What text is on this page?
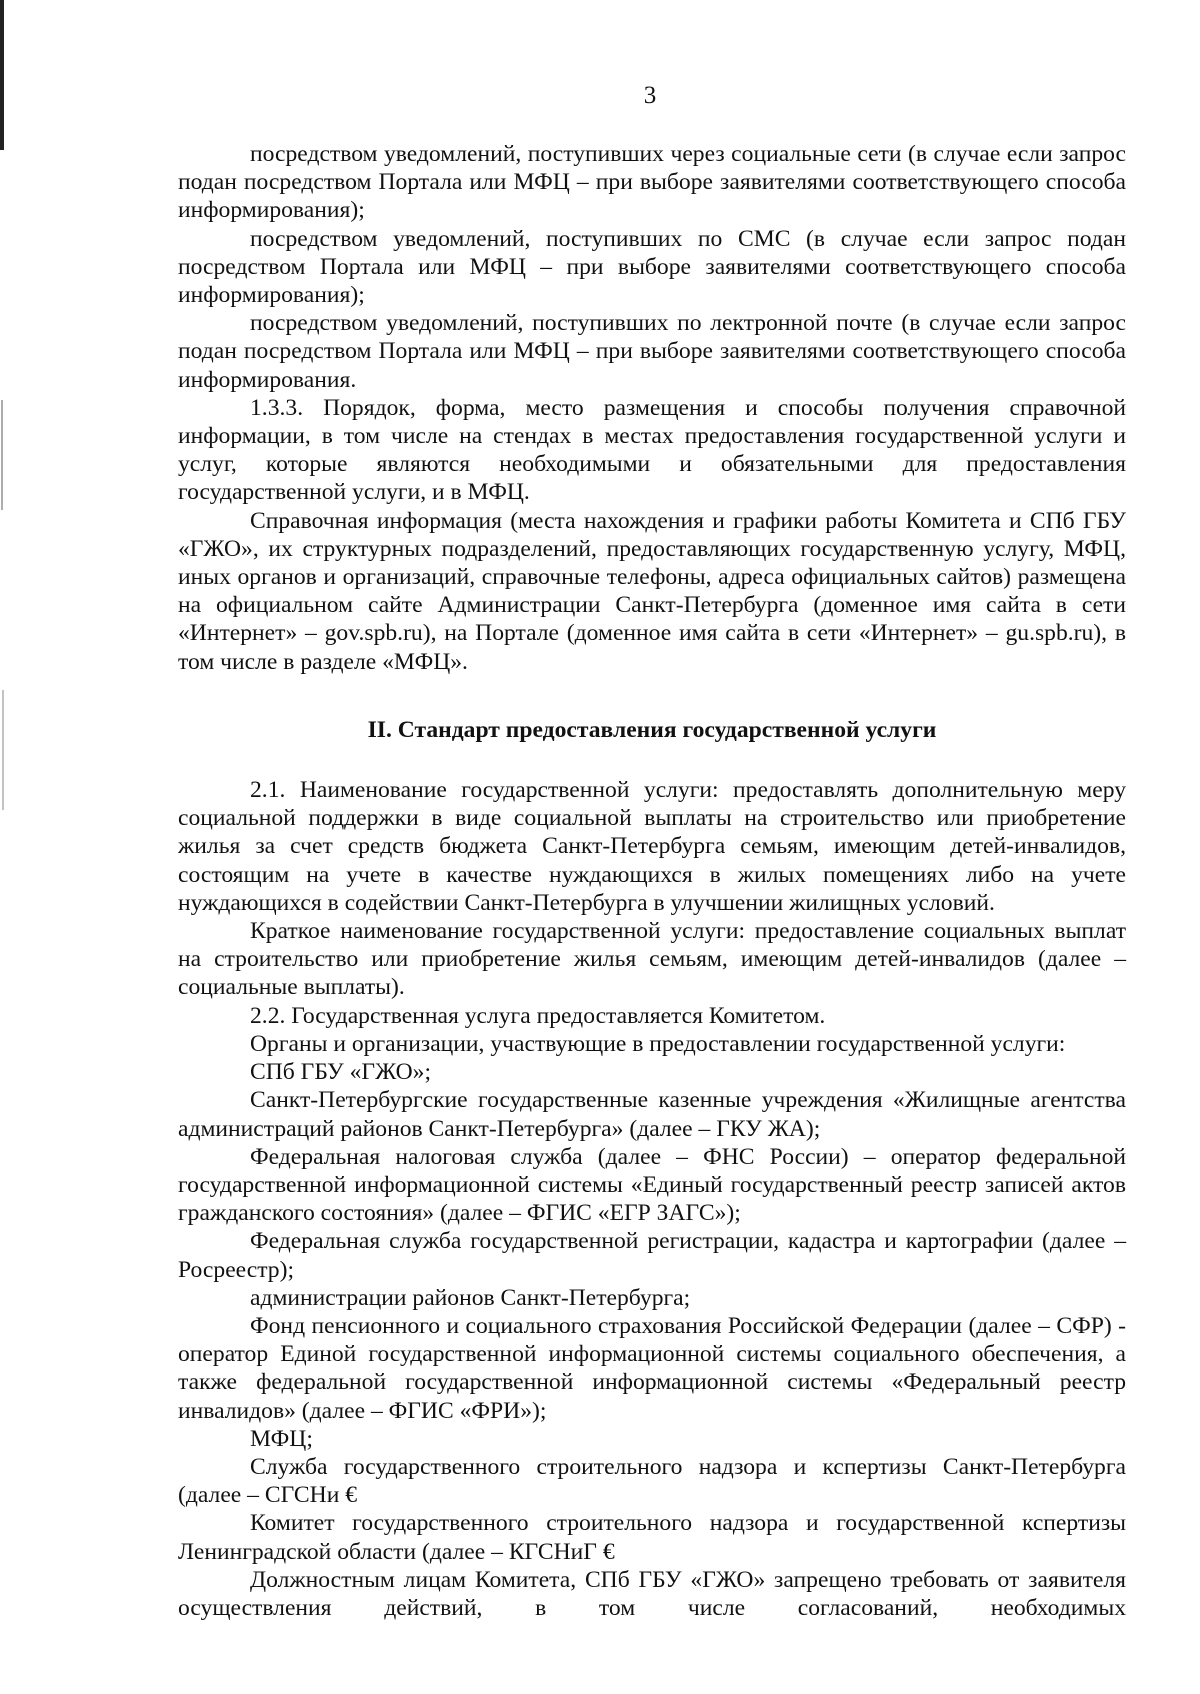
3

посредством уведомлений, поступивших через социальные сети (в случае если запрос подан посредством Портала или МФЦ – при выборе заявителями соответствующего способа информирования);

посредством уведомлений, поступивших по СМС (в случае если запрос подан посредством Портала или МФЦ – при выборе заявителями соответствующего способа информирования);

посредством уведомлений, поступивших по лектронной почте (в случае если запрос подан посредством Портала или МФЦ – при выборе заявителями соответствующего способа информирования.

1.3.3. Порядок, форма, место размещения и способы получения справочной информации, в том числе на стендах в местах предоставления государственной услуги и услуг, которые являются необходимыми и обязательными для предоставления государственной услуги, и в МФЦ.

Справочная информация (места нахождения и графики работы Комитета и СПб ГБУ «ГЖО», их структурных подразделений, предоставляющих государственную услугу, МФЦ, иных органов и организаций, справочные телефоны, адреса официальных сайтов) размещена на официальном сайте Администрации Санкт-Петербурга (доменное имя сайта в сети «Интернет» – gov.spb.ru), на Портале (доменное имя сайта в сети «Интернет» – gu.spb.ru), в том числе в разделе «МФЦ».

II. Стандарт предоставления государственной услуги

2.1. Наименование государственной услуги: предоставлять дополнительную меру социальной поддержки в виде социальной выплаты на строительство или приобретение жилья за счет средств бюджета Санкт-Петербурга семьям, имеющим детей-инвалидов, состоящим на учете в качестве нуждающихся в жилых помещениях либо на учете нуждающихся в содействии Санкт-Петербурга в улучшении жилищных условий.

Краткое наименование государственной услуги: предоставление социальных выплат на строительство или приобретение жилья семьям, имеющим детей-инвалидов (далее – социальные выплаты).

2.2. Государственная услуга предоставляется Комитетом.

Органы и организации, участвующие в предоставлении государственной услуги:

СПб ГБУ «ГЖО»;

Санкт-Петербургские государственные казенные учреждения «Жилищные агентства администраций районов Санкт-Петербурга» (далее – ГКУ ЖА);

Федеральная налоговая служба (далее – ФНС России) – оператор федеральной государственной информационной системы «Единый государственный реестр записей актов гражданского состояния» (далее – ФГИС «ЕГР ЗАГС»);

Федеральная служба государственной регистрации, кадастра и картографии (далее – Росреестр);

администрации районов Санкт-Петербурга;

Фонд пенсионного и социального страхования Российской Федерации (далее – СФР) - оператор Единой государственной информационной системы социального обеспечения, а также федеральной государственной информационной системы «Федеральный реестр инвалидов» (далее – ФГИС «ФРИ»);

МФЦ;

Служба государственного строительного надзора и кспертизы Санкт-Петербурга (далее – СГСНи €

Комитет государственного строительного надзора и государственной кспертизы Ленинградской области (далее – КГСНиГ €

Должностным лицам Комитета, СПб ГБУ «ГЖО» запрещено требовать от заявителя осуществления действий, в том числе согласований, необходимых
